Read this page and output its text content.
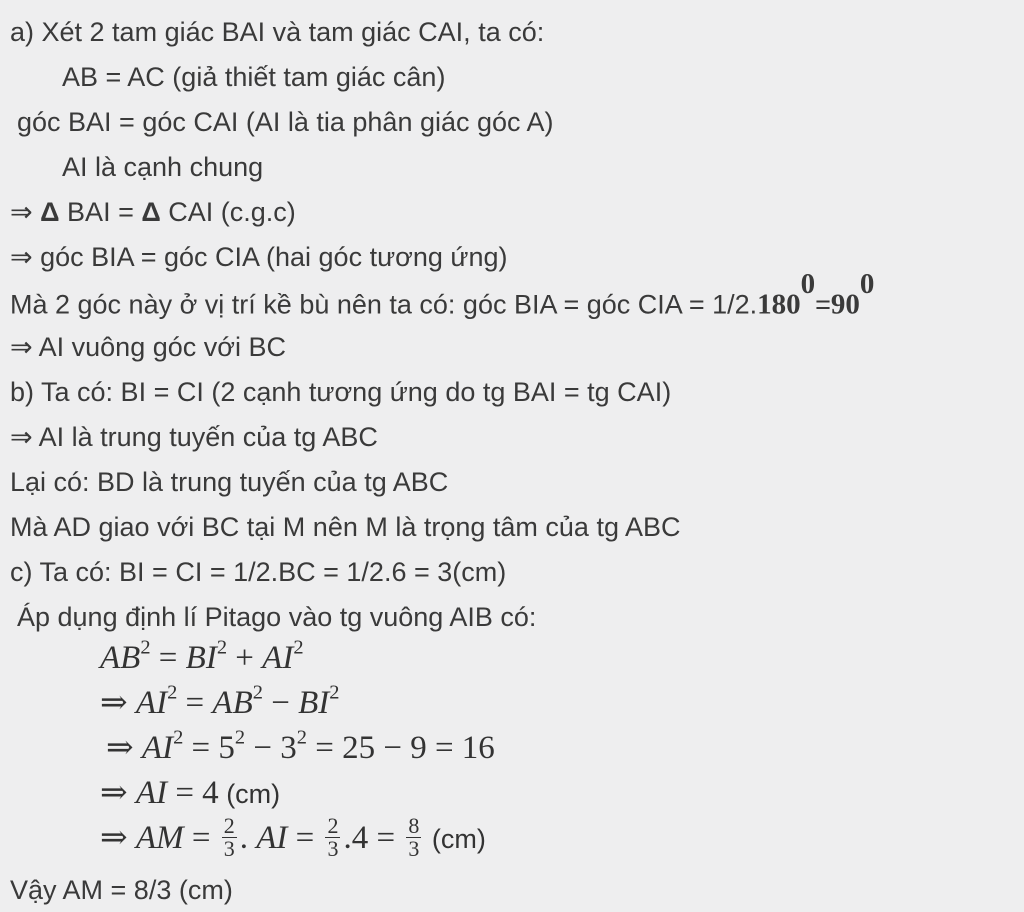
a) Xét 2 tam giác BAI và tam giác CAI, ta có:
AB = AC (giả thiết tam giác cân)
góc BAI = góc CAI (AI là tia phân giác góc A)
AI là cạnh chung
⇒ Δ BAI = Δ CAI (c.g.c)
⇒ góc BIA = góc CIA (hai góc tương ứng)
Mà 2 góc này ở vị trí kề bù nên ta có: góc BIA = góc CIA = $1/2.180^0=90^0$
⇒ AI vuông góc với BC
b) Ta có: BI = CI (2 cạnh tương ứng do tg BAI = tg CAI)
⇒ AI là trung tuyến của tg ABC
Lại có: BD là trung tuyến của tg ABC
Mà AD giao với BC tại M nên M là trọng tâm của tg ABC
c) Ta có: BI = CI = 1/2.BC = 1/2.6 = 3(cm)
Áp dụng định lí Pitago vào tg vuông AIB có:
$AB^2 = BI^2 + AI^2$
⇒ $AI^2 = AB^2 - BI^2$
⇒ $AI^2 = 5^2 - 3^2 = 25 - 9 = 16$
⇒ AI = 4 (cm)
⇒ AM = $\frac{2}{3}$ . AI = $\frac{2}{3} .4 = \frac{8}{3} (cm)$
Vậy AM = 8/3 (cm)
